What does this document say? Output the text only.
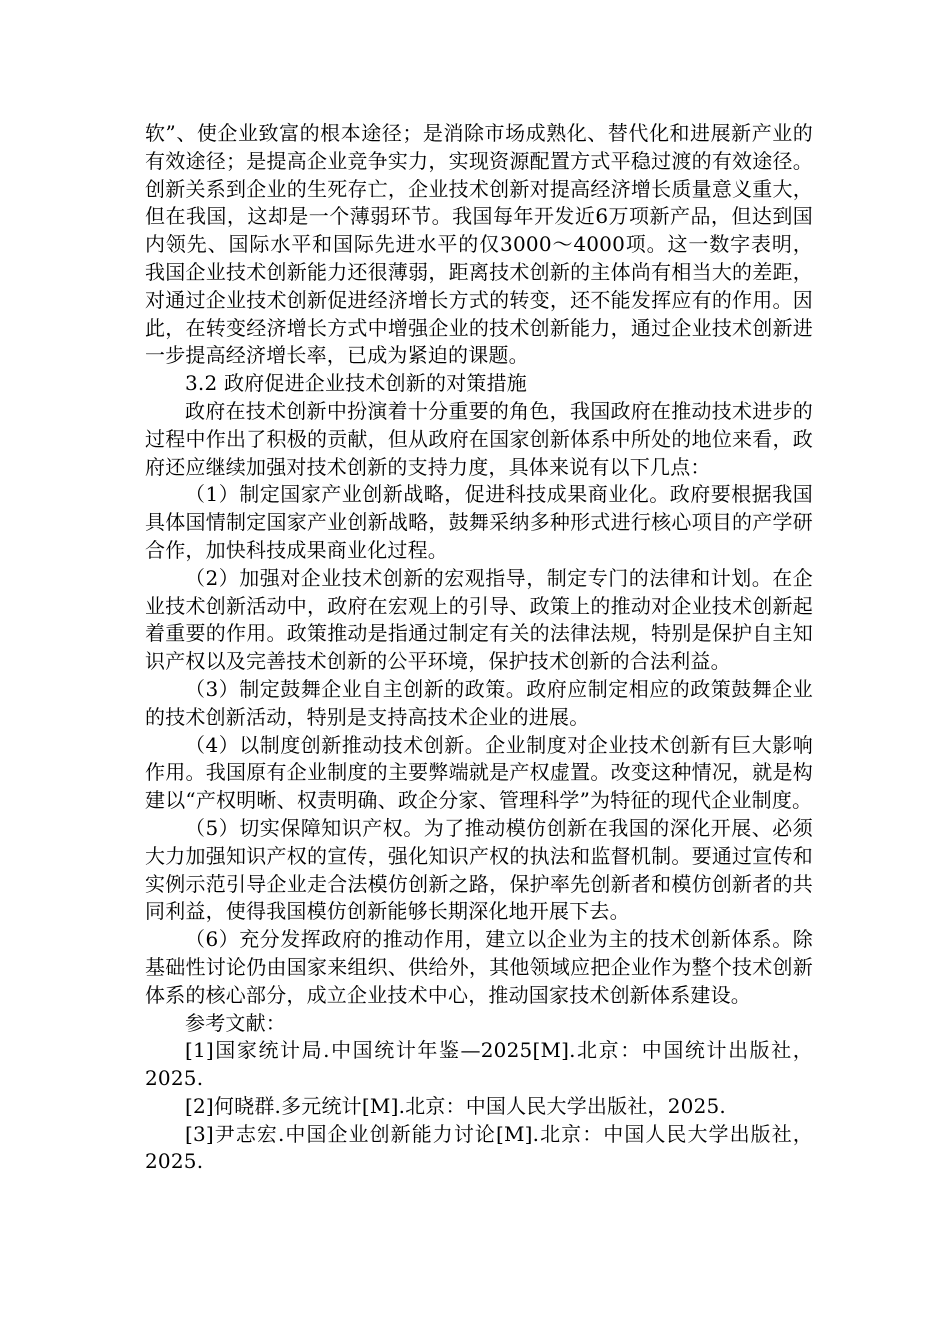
软”、使企业致富的根本途径；是消除市场成熟化、替代化和进展新产业的有效途径；是提高企业竞争实力，实现资源配置方式平稳过渡的有效途径。创新关系到企业的生死存亡，企业技术创新对提高经济增长质量意义重大，但在我国，这却是一个薄弱环节。我国每年开发近6万项新产品，但达到国内领先、国际水平和国际先进水平的仅3000～4000项。这一数字表明，我国企业技术创新能力还很薄弱，距离技术创新的主体尚有相当大的差距，对通过企业技术创新促进经济增长方式的转变，还不能发挥应有的作用。因此，在转变经济增长方式中增强企业的技术创新能力，通过企业技术创新进一步提高经济增长率，已成为紧迫的课题。

3.2 政府促进企业技术创新的对策措施

政府在技术创新中扮演着十分重要的角色，我国政府在推动技术进步的过程中作出了积极的贡献，但从政府在国家创新体系中所处的地位来看，政府还应继续加强对技术创新的支持力度，具体来说有以下几点：

（1）制定国家产业创新战略，促进科技成果商业化。政府要根据我国具体国情制定国家产业创新战略，鼓舞采纳多种形式进行核心项目的产学研合作，加快科技成果商业化过程。

（2）加强对企业技术创新的宏观指导，制定专门的法律和计划。在企业技术创新活动中，政府在宏观上的引导、政策上的推动对企业技术创新起着重要的作用。政策推动是指通过制定有关的法律法规，特别是保护自主知识产权以及完善技术创新的公平环境，保护技术创新的合法利益。

（3）制定鼓舞企业自主创新的政策。政府应制定相应的政策鼓舞企业的技术创新活动，特别是支持高技术企业的进展。

（4）以制度创新推动技术创新。企业制度对企业技术创新有巨大影响作用。我国原有企业制度的主要弊端就是产权虚置。改变这种情况，就是构建以“产权明晰、权责明确、政企分家、管理科学”为特征的现代企业制度。

（5）切实保障知识产权。为了推动模仿创新在我国的深化开展、必须大力加强知识产权的宣传，强化知识产权的执法和监督机制。要通过宣传和实例示范引导企业走合法模仿创新之路，保护率先创新者和模仿创新者的共同利益，使得我国模仿创新能够长期深化地开展下去。

（6）充分发挥政府的推动作用，建立以企业为主的技术创新体系。除基础性讨论仍由国家来组织、供给外，其他领域应把企业作为整个技术创新体系的核心部分，成立企业技术中心，推动国家技术创新体系建设。

参考文献：

[1]国家统计局.中国统计年鉴—2025[M].北京：中国统计出版社，2025.

[2]何晓群.多元统计[M].北京：中国人民大学出版社，2025.

[3]尹志宏.中国企业创新能力讨论[M].北京：中国人民大学出版社，2025.
